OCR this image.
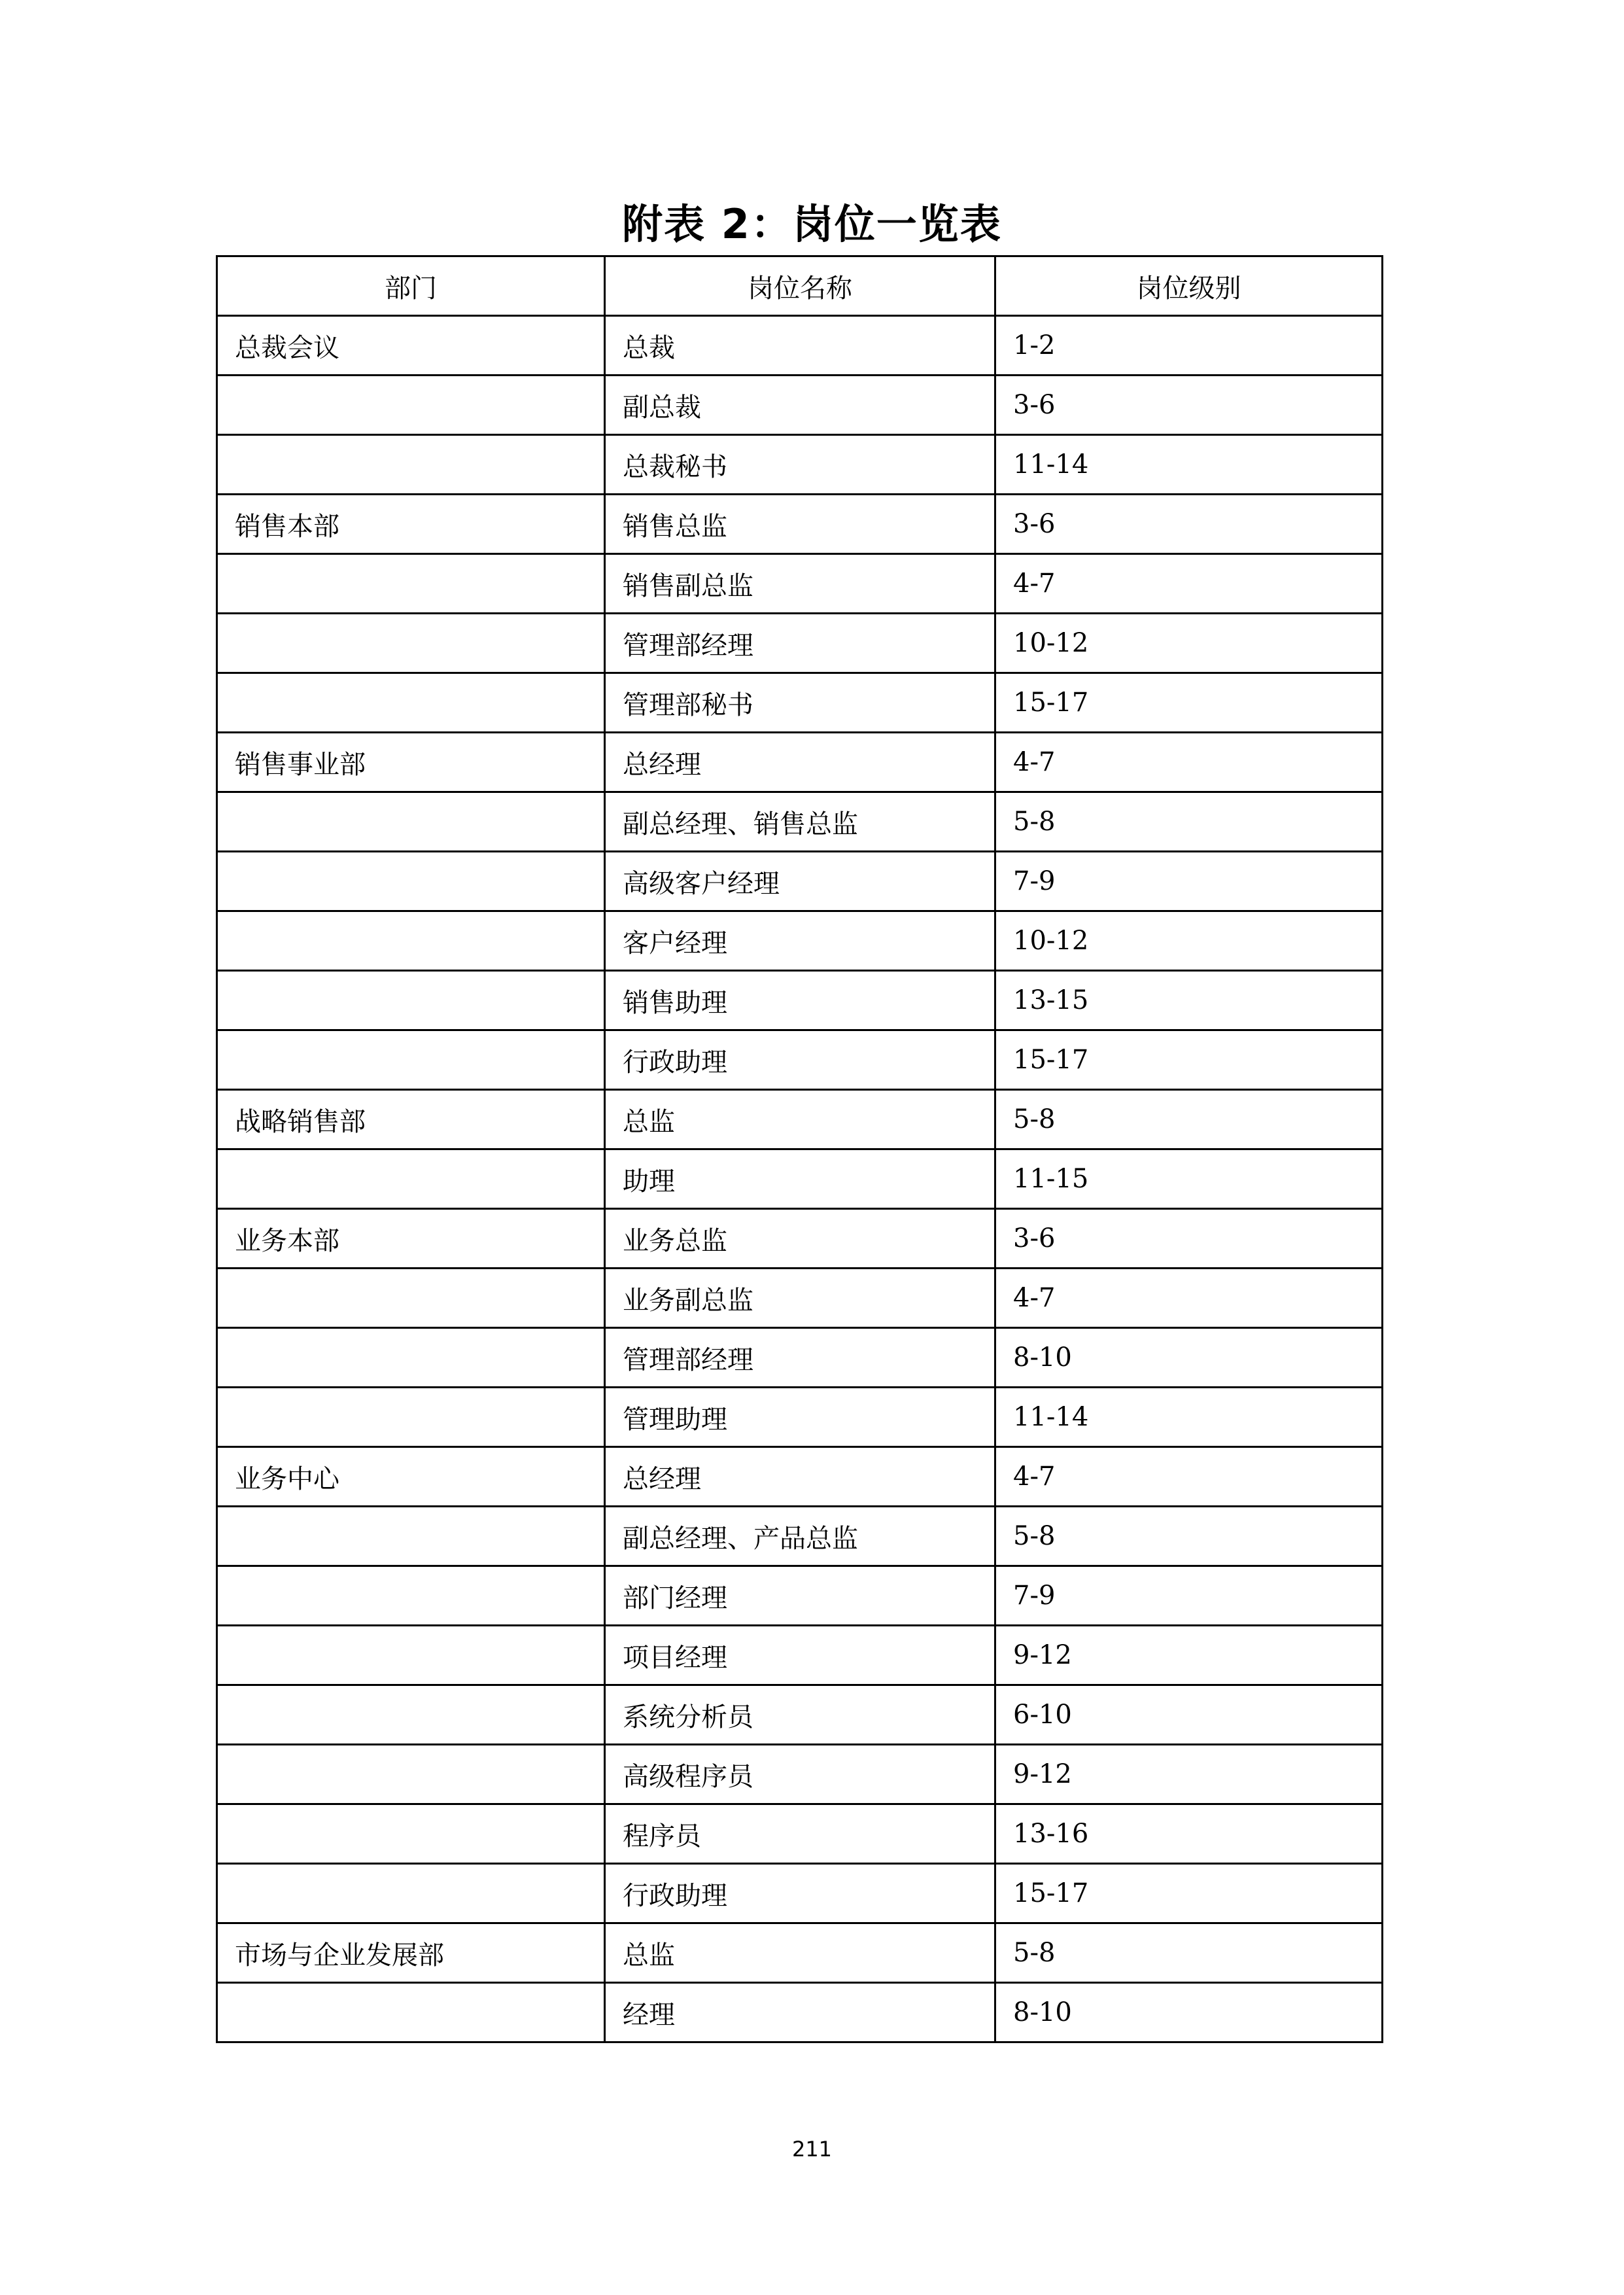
附表 2：岗位一览表
部门	岗位名称	岗位级别
总裁会议	总裁	1-2
	副总裁	3-6
	总裁秘书	11-14
销售本部	销售总监	3-6
	销售副总监	4-7
	管理部经理	10-12
	管理部秘书	15-17
销售事业部	总经理	4-7
	副总经理、销售总监	5-8
	高级客户经理	7-9
	客户经理	10-12
	销售助理	13-15
	行政助理	15-17
战略销售部	总监	5-8
	助理	11-15
业务本部	业务总监	3-6
	业务副总监	4-7
	管理部经理	8-10
	管理助理	11-14
业务中心	总经理	4-7
	副总经理、产品总监	5-8
	部门经理	7-9
	项目经理	9-12
	系统分析员	6-10
	高级程序员	9-12
	程序员	13-16
	行政助理	15-17
市场与企业发展部	总监	5-8
	经理	8-10
211
